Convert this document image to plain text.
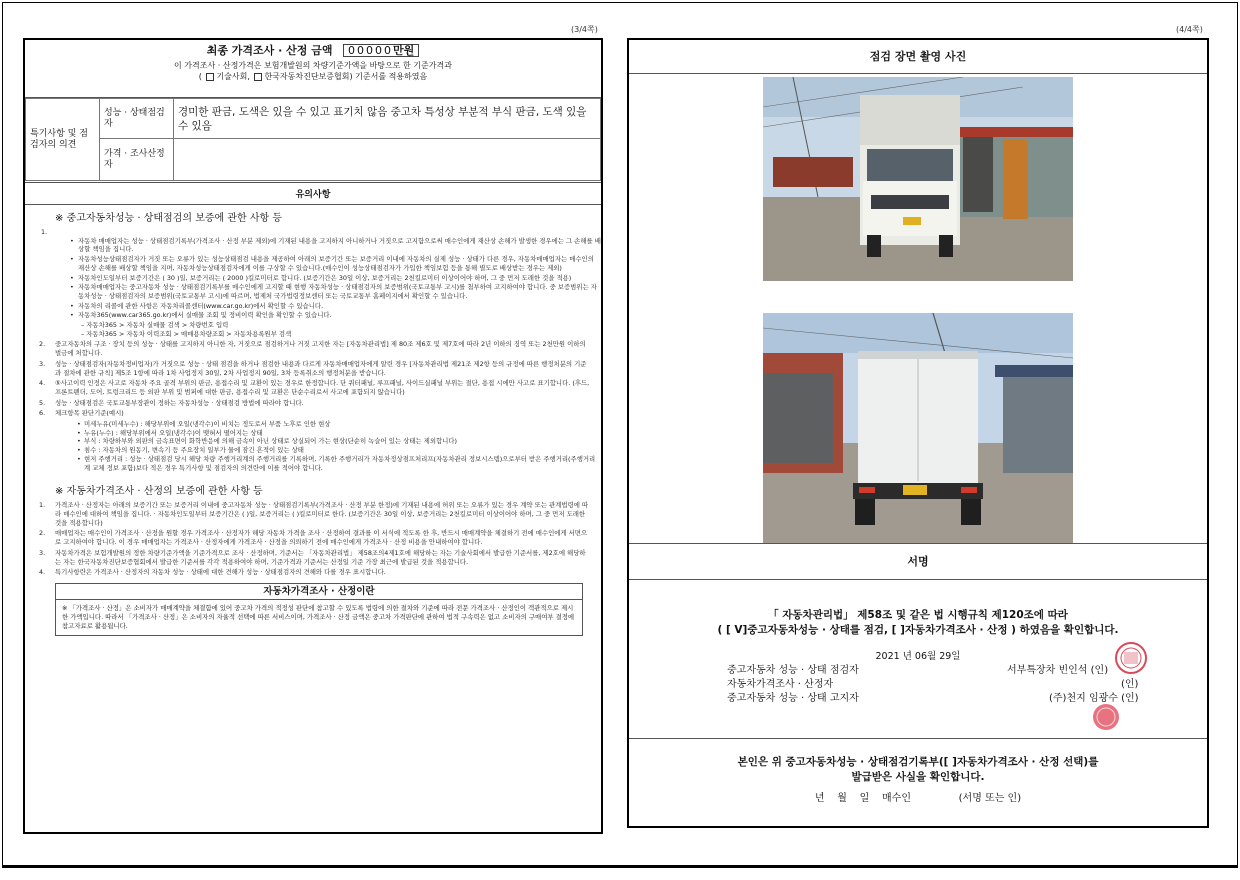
(3/4쪽)	(4/4쪽)
최종 가격조사 · 산정 금액 00000만원
이 가격조사 · 산정가격은 보험개발원의 차량기준가액을 바탕으로 한 기준가격과
( 기술사회, 한국자동차진단보증협회) 기준서를 적용하였음
특기사항 및 점검자의 의견	성능 · 상태점검자	경미한 판금, 도색은 있을 수 있고 표기치 않음 중고차 특성상 부분적 부식 판금, 도색 있을 수 있음
	가격 · 조사산정자	
유의사항
※ 중고자동차성능 · 상태점검의 보증에 관한 사항 등
1.
• 자동차 매매업자는 성능 · 상태점검기록부(가격조사 · 산정 부분 제외)에 기재된 내용을 고지하지 아니하거나 거짓으로 고지함으로써 매수인에게 재산상 손해가 발생한 경우에는 그 손해를 배상할 책임을 집니다.
• 자동차성능상태점검자가 거짓 또는 오류가 있는 성능상태점검 내용을 제공하여 아래의 보증기간 또는 보증거리 이내에 자동차의 실제 성능 · 상태가 다른 경우, 자동차매매업자는 매수인의 재산상 손해를 배상할 책임을 지며, 자동차성능상태점검자에게 이를 구상할 수 있습니다.(매수인이 성능상태점검자가 가입한 책임보험 등을 통해 별도로 배상받는 경우는 제외)
• 자동차인도일부터 보증기간은 ( 30 )일, 보증거리는 ( 2000 )킬로미터로 합니다. (보증기간은 30일 이상, 보증거리는 2천킬로미터 이상이어야 하며, 그 중 먼저 도래한 것을 적용)
• 자동차매매업자는 중고자동차 성능 · 상태점검기록부를 매수인에게 고지할 때 현행 자동차성능 · 상태점검자의 보증범위(국토교통부 고시)를 첨부하여 고지하여야 합니다. 중 보증범위는 자동차성능 · 상태점검자의 보증범위(국토교통부 고시)에 따르며, 법제처 국가법령정보센터 또는 국토교통부 홈페이지에서 확인할 수 있습니다.
• 자동차의 리콜에 관한 사항은 자동차리콜센터(www.car.go.kr)에서 확인할 수 있습니다.
• 자동차365(www.car365.go.kr)에서 실매물 조회 및 정비이력 확인을 확인할 수 있습니다.
– 자동차365 > 자동차 실매물 검색 > 차량번호 입력
– 자동차365 > 자동차 이력조회 > 매매용차량조회 > 자동차용록원부 검색
2. 중고자동차의 구조 · 장치 등의 성능 · 상태를 고지하지 아니한 자, 거짓으로 점검하거나 거짓 고지한 자는 [자동차관리법] 제 80조 제6호 및 제7호에 따라 2년 이하의 징역 또는 2천만원 이하의 벌금에 처합니다.
3. 성능 · 상태점검자(자동차정비업자)가 거짓으로 성능 · 상태 점검을 하거나 점검한 내용과 다르게 자동차매매업자에게 알린 경우 [자동차관리법 제21조 제2항 등의 규정에 따른 행정처분의 기준과 절차에 관한 규칙] 제5조 1항에 따라 1차 사업정지 30일, 2차 사업정지 90일, 3차 등록취소의 행정처분을 받습니다.
4. ⑤사고이력 인정은 사고로 자동차 주요 골격 부위의 판금, 용접수리 및 교환이 있는 경우로 한정합니다. 단 쿼터패널, 루프패널, 사이드실패널 부위는 절단, 용접 시에만 사고로 표기합니다. (후드, 프론트펜더, 도어, 트렁크리드 등 외판 부위 및 범퍼에 대한 판금, 용접수리 및 교환은 단순수리로서 사고에 포함되지 않습니다)
5. 성능 · 상태점검은 국토교통부장관이 정하는 자동차성능 · 상태점검 방법에 따라야 합니다.
6. 체크항목 판단기준(예시)
• 미세누유(미세누수) : 해당부위에 오일(냉각수)이 비치는 정도로서 부품 노후로 인한 현상
• 누유(누수) : 해당부위에서 오일(냉각수)이 맺혀서 떨어지는 상태
• 부식 : 차량하부와 외판의 금속표면이 화학반응에 의해 금속이 아닌 상태로 상실되어 가는 현상(단순히 녹슬어 있는 상태는 제외합니다)
• 침수 : 자동차의 원동기, 변속기 등 주요장치 일부가 물에 잠긴 흔적이 있는 상태
• 현저 주행거리 : 성능 · 상태점검 당시 해당 차량 주행거리계의 주행거리를 기록하며, 기록한 주행거리가 자동차정상점프처리프(자동차관리 정보시스템)으로부터 받은 주행거리(주행거리계 교체 정보 포함)보다 적은 경우 특기사항 및 점검자의 의견란에 이를 적어야 합니다.
※ 자동차가격조사 · 산정의 보증에 관한 사항 등
1. 가격조사 · 산정자는 아래의 보증기간 또는 보증거리 이내에 중고자동차 성능 · 상태점검기록부(가격조사 · 산정 부분 한정)에 기재된 내용에 허위 또는 오류가 있는 경우 계약 또는 관계법령에 따라 매수인에 대하여 책임을 집니다. · 자동차인도일부터 보증기간은 ( )일, 보증거리는 ( )킬로미터로 한다. (보증기간은 30일 이상, 보증거리는 2천킬로미터 이상이어야 하며, 그 중 먼저 도래한 것을 적용합니다)
2. 매매업자는 매수인이 가격조사 · 산정을 원할 경우 가격조사 · 산정자가 해당 자동차 가격을 조사 · 산정하여 결과를 이 서식에 적도록 한 후, 반드시 매매계약을 체결하기 전에 매수인에게 서면으로 고지하여야 합니다. 이 경우 매매업자는 가격조사 · 산정자에게 가격조사 · 산정을 의뢰하기 전에 매수인에게 가격조사 · 산정 비용을 안내하여야 합니다.
3. 자동차가격은 보험개발원의 정한 차량기준가액을 기준가격으로 조사 · 산정하며, 기준서는 「자동차관리법」 제58조의4제1호에 해당하는 자는 기술사회에서 발급한 기준서를, 제2호에 해당하는 자는 한국자동차진단보증협회에서 발급한 기준서를 각각 적용하여야 하며, 기준가격과 기준서는 산정일 기준 가장 최근에 발급된 것을 적용합니다.
4. 특기사항란은 가격조사 · 산정자의 자동차 성능 · 상태에 대한 견해가 성능 · 상태점검자의 견해와 다를 경우 표시합니다.
자동차가격조사 · 산정이란
※ 「가격조사 · 산정」은 소비자가 매매계약을 체결함에 있어 중고차 가격의 적정성 판단에 참고할 수 있도록 법령에 의한 절차와 기준에 따라 전문 가격조사 · 산정인이 객관적으로 제시한 가액입니다. 따라서 「가격조사 · 산정」은 소비자의 자율적 선택에 따른 서비스이며, 가격조사 · 산정 금액은 중고차 가격판단에 관하여 법적 구속력은 없고 소비자의 구매여부 결정에 참고자료로 활용됩니다.
점검 장면 촬영 사진
서명
「 자동차관리법」 제58조 및 같은 법 시행규칙 제120조에 따라
( [ V]중고자동차성능 · 상태를 점검, [ ]자동차가격조사 · 산정 ) 하였음을 확인합니다.
2021 년 06월 29일
중고자동차 성능 · 상태 점검자	서부특장차 빈인석 (인)
자동차가격조사 · 산정자	(인)
중고자동차 성능 · 상태 고지자	(주)천지 임광수 (인)
본인은 위 중고자동차성능 · 상태점검기록부([ ]자동차가격조사 · 산정 선택)를
발급받은 사실을 확인합니다.
년    월    일    매수인               (서명 또는 인)
